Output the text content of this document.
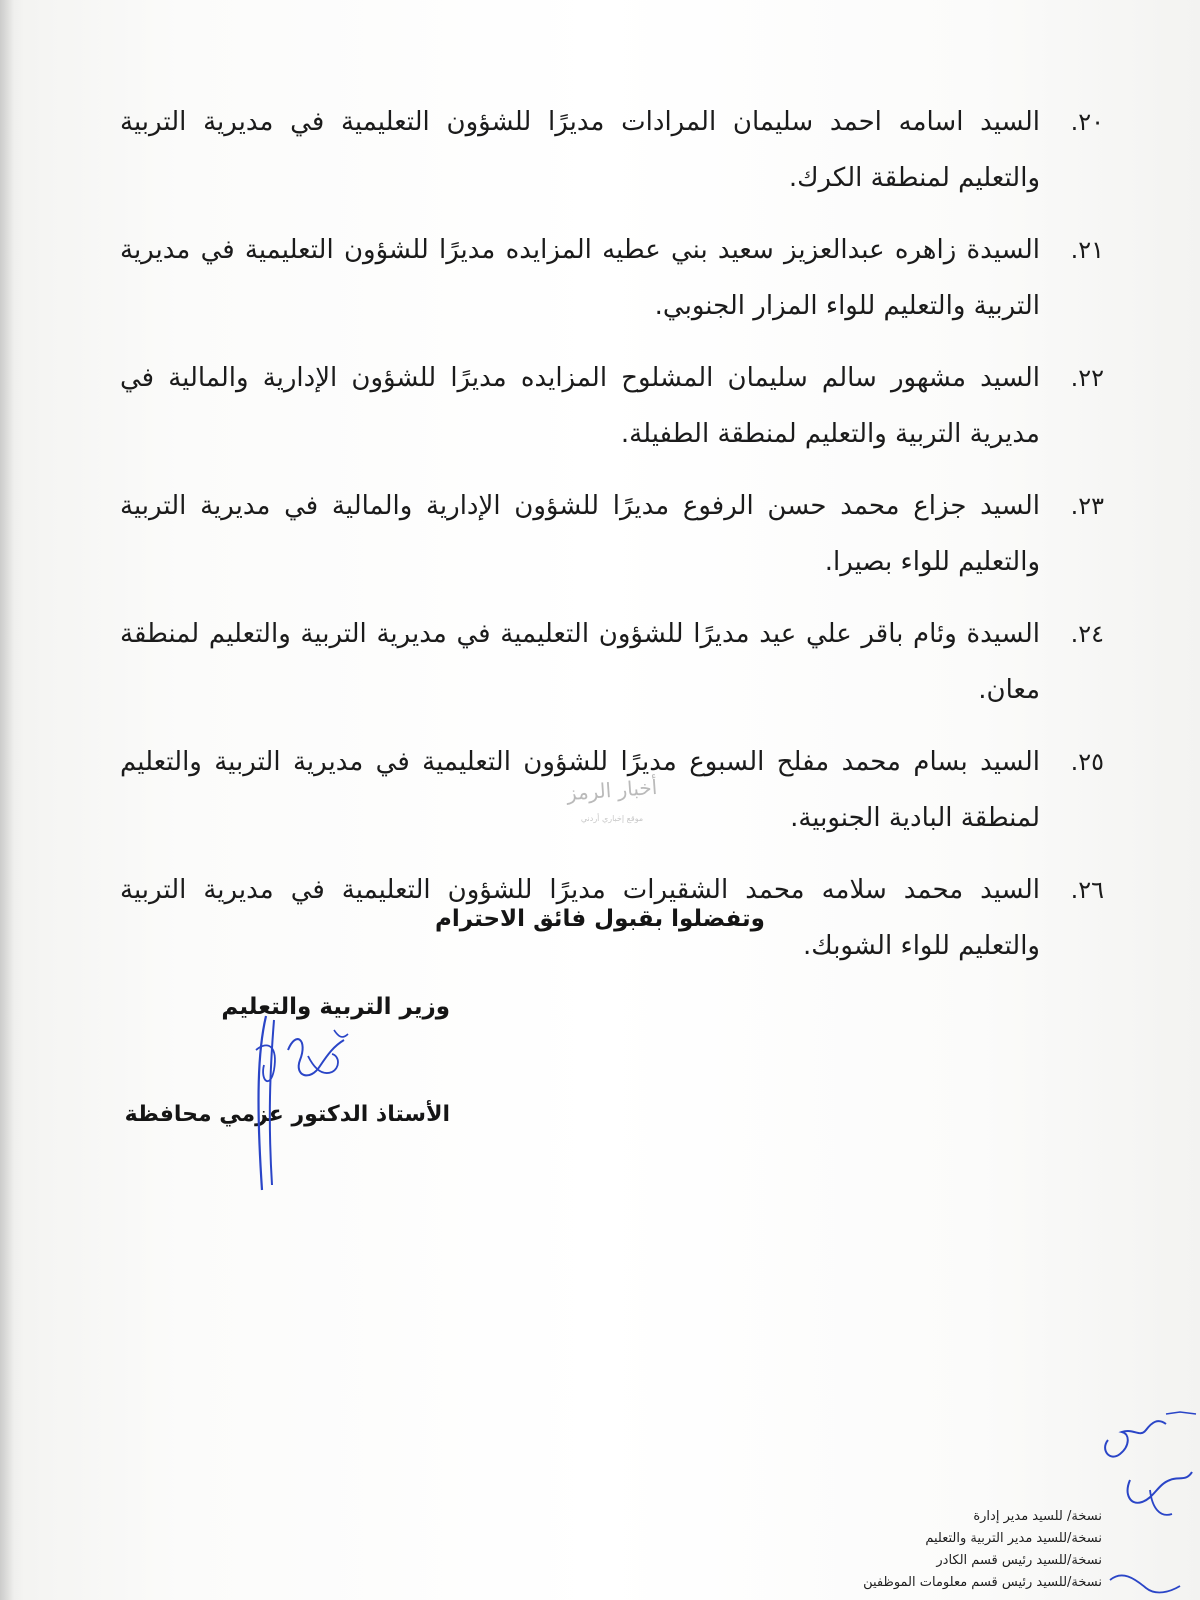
٢٠.
السيد اسامه احمد سليمان المرادات مديرًا للشؤون التعليمية في مديرية التربية والتعليم لمنطقة الكرك.
٢١.
السيدة زاهره عبدالعزيز سعيد بني عطيه المزايده مديرًا للشؤون التعليمية في مديرية التربية والتعليم للواء المزار الجنوبي.
٢٢.
السيد مشهور سالم سليمان المشلوح المزايده مديرًا للشؤون الإدارية والمالية في مديرية التربية والتعليم لمنطقة الطفيلة.
٢٣.
السيد جزاع محمد حسن الرفوع مديرًا للشؤون الإدارية والمالية في مديرية التربية والتعليم للواء بصيرا.
٢٤.
السيدة وئام باقر علي عيد مديرًا للشؤون التعليمية في مديرية التربية والتعليم لمنطقة معان.
٢٥.
السيد بسام محمد مفلح السبوع مديرًا للشؤون التعليمية في مديرية التربية والتعليم لمنطقة البادية الجنوبية.
٢٦.
السيد محمد سلامه محمد الشقيرات مديرًا للشؤون التعليمية في مديرية التربية والتعليم للواء الشوبك.
أخبار الرمز
موقع إخباري أردني
وتفضلوا بقبول فائق الاحترام
وزير التربية والتعليم
الأستاذ الدكتور عزمي محافظة
نسخة/ للسيد مدير إدارة
نسخة/للسيد مدير التربية والتعليم
نسخة/للسيد رئيس قسم الكادر
نسخة/للسيد رئيس قسم معلومات الموظفين
